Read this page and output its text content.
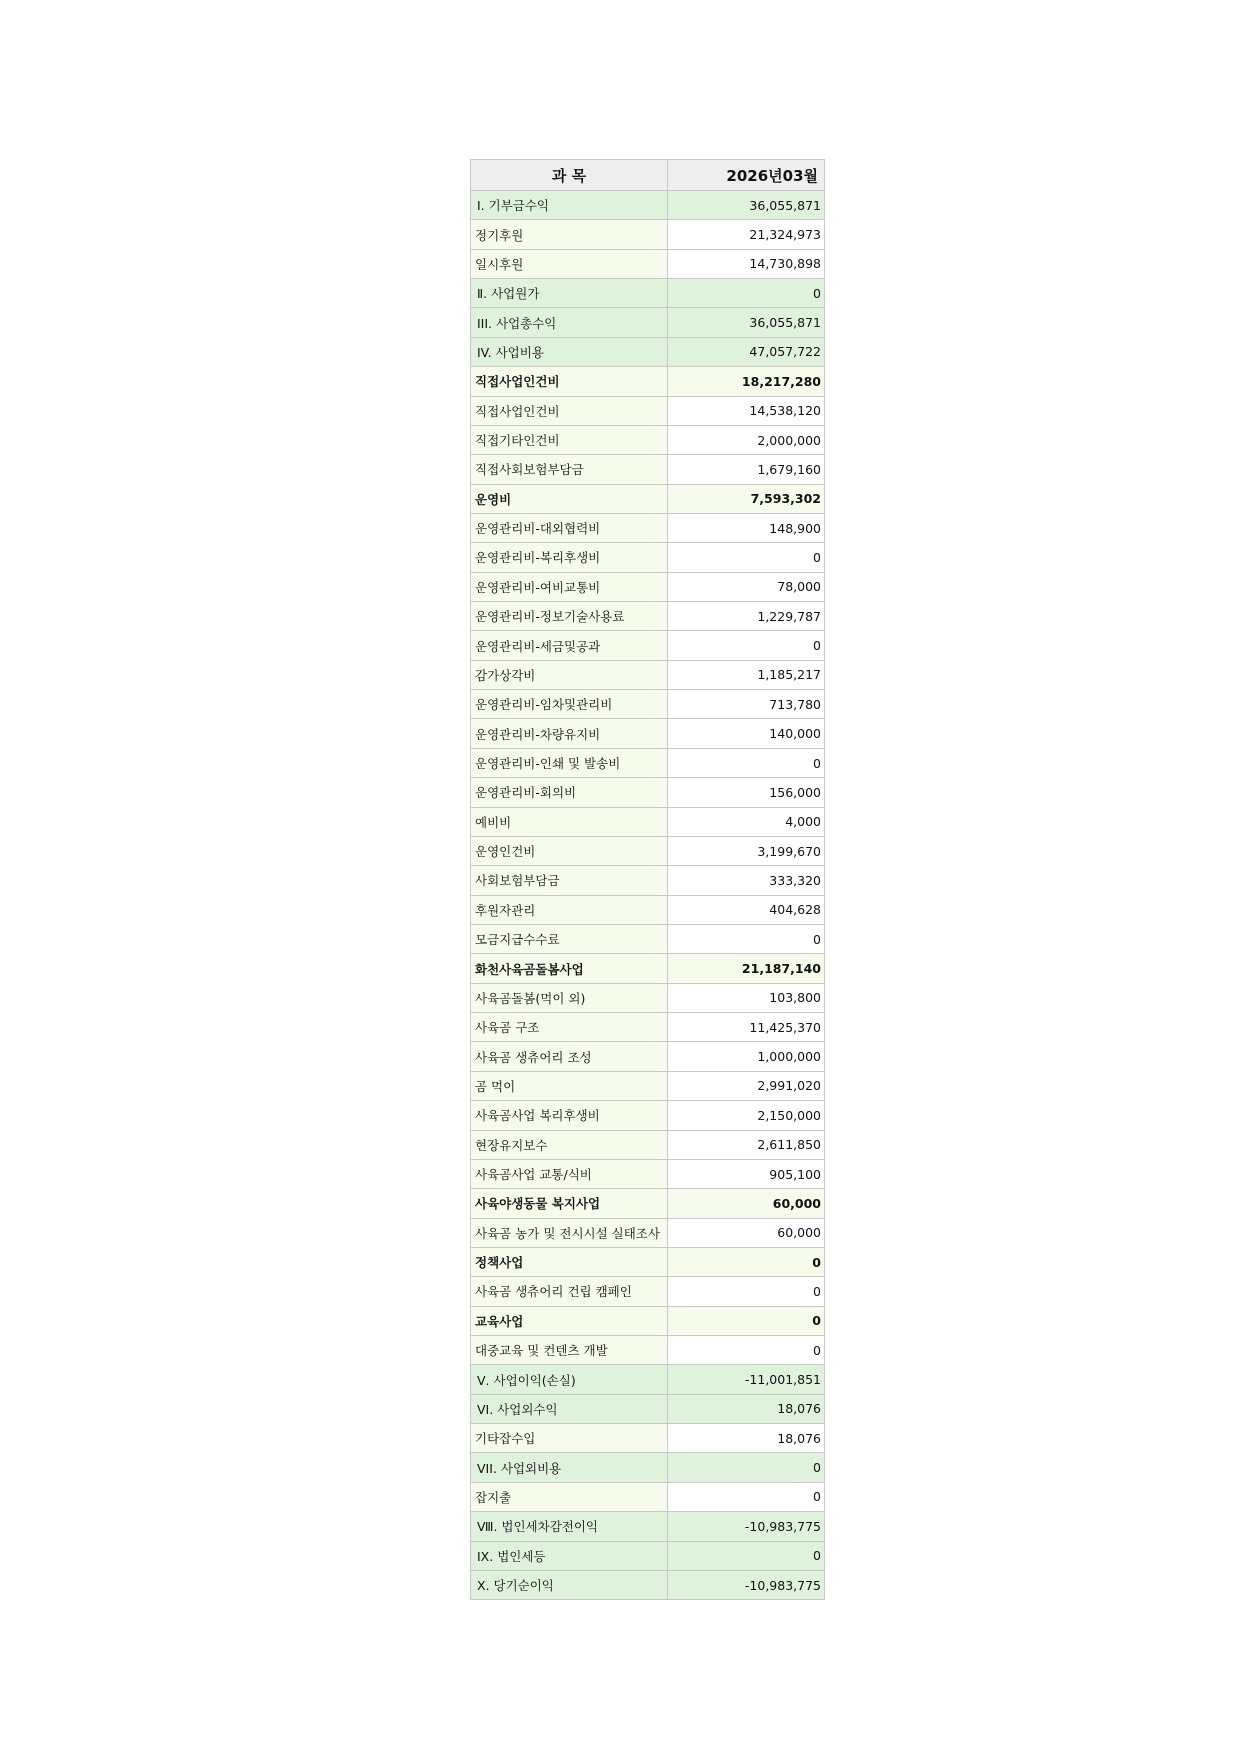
과 목	2026년03월
Ⅰ. 기부금수익	36,055,871
정기후원	21,324,973
일시후원	14,730,898
Ⅱ. 사업원가	0
III. 사업총수익	36,055,871
IV. 사업비용	47,057,722
직접사업인건비	18,217,280
직접사업인건비	14,538,120
직접기타인건비	2,000,000
직접사회보험부담금	1,679,160
운영비	7,593,302
운영관리비-대외협력비	148,900
운영관리비-복리후생비	0
운영관리비-여비교통비	78,000
운영관리비-정보기술사용료	1,229,787
운영관리비-세금및공과	0
감가상각비	1,185,217
운영관리비-임차및관리비	713,780
운영관리비-차량유지비	140,000
운영관리비-인쇄 및 발송비	0
운영관리비-회의비	156,000
예비비	4,000
운영인건비	3,199,670
사회보험부담금	333,320
후원자관리	404,628
모금지급수수료	0
화천사육곰돌봄사업	21,187,140
사육곰돌봄(먹이 외)	103,800
사육곰 구조	11,425,370
사육곰 생츄어리 조성	1,000,000
곰 먹이	2,991,020
사육곰사업 복리후생비	2,150,000
현장유지보수	2,611,850
사육곰사업 교통/식비	905,100
사육야생동물 복지사업	60,000
사육곰 농가 및 전시시설 실태조사	60,000
정책사업	0
사육곰 생츄어리 건립 캠페인	0
교육사업	0
대중교육 및 컨텐츠 개발	0
Ⅴ. 사업이익(손실)	-11,001,851
VI. 사업외수익	18,076
기타잡수입	18,076
VII. 사업외비용	0
잡지출	0
Ⅷ. 법인세차감전이익	-10,983,775
IX. 법인세등	0
Ⅹ. 당기순이익	-10,983,775
